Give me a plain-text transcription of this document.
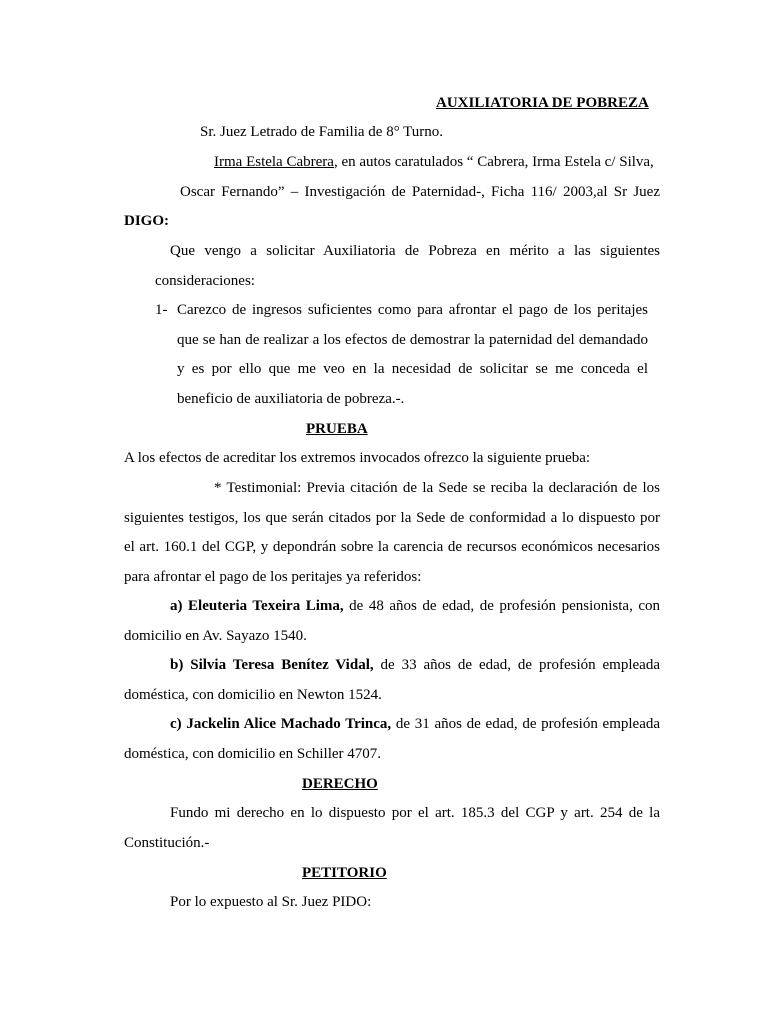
AUXILIATORIA DE POBREZA
Sr. Juez Letrado de Familia de 8° Turno.
Irma Estela Cabrera, en autos caratulados “ Cabrera, Irma Estela c/ Silva,
Oscar Fernando” – Investigación de Paternidad-, Ficha 116/ 2003,al Sr Juez
DIGO:
Que vengo a solicitar Auxiliatoria de Pobreza en mérito a las siguientes
consideraciones:
1- Carezco de ingresos suficientes como para afrontar el pago de los peritajes
que se han de realizar a los efectos de demostrar la paternidad del demandado
y es por ello que me veo en la necesidad de solicitar se me conceda el
beneficio de auxiliatoria de pobreza.-.
PRUEBA
A los efectos de acreditar los extremos invocados ofrezco la siguiente prueba:
* Testimonial: Previa citación de la Sede se reciba la declaración de los
siguientes testigos, los que serán citados por la Sede de conformidad a lo dispuesto por
el art. 160.1 del CGP, y depondrán sobre la carencia de recursos económicos necesarios
para afrontar el pago de los peritajes ya referidos:
a) Eleuteria Texeira Lima, de 48 años de edad, de profesión pensionista, con
domicilio en Av. Sayazo 1540.
b) Silvia Teresa Benítez Vidal, de 33 años de edad, de profesión empleada
doméstica, con domicilio en Newton 1524.
c) Jackelin Alice Machado Trinca, de 31 años de edad, de profesión empleada
doméstica, con domicilio en Schiller 4707.
DERECHO
Fundo mi derecho en lo dispuesto por el art. 185.3 del CGP y art. 254 de la
Constitución.-
PETITORIO
Por lo expuesto al Sr. Juez PIDO:
